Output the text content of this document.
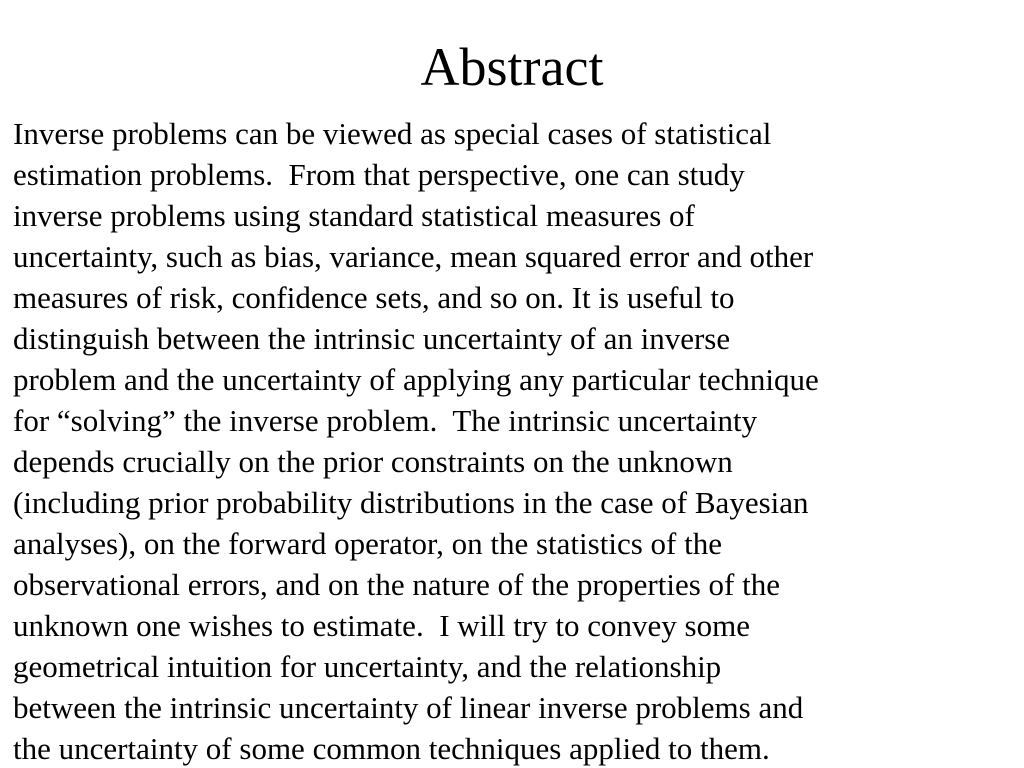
Abstract
Inverse problems can be viewed as special cases of statistical
estimation problems.  From that perspective, one can study
inverse problems using standard statistical measures of
uncertainty, such as bias, variance, mean squared error and other
measures of risk, confidence sets, and so on. It is useful to
distinguish between the intrinsic uncertainty of an inverse
problem and the uncertainty of applying any particular technique
for “solving” the inverse problem.  The intrinsic uncertainty
depends crucially on the prior constraints on the unknown
(including prior probability distributions in the case of Bayesian
analyses), on the forward operator, on the statistics of the
observational errors, and on the nature of the properties of the
unknown one wishes to estimate.  I will try to convey some
geometrical intuition for uncertainty, and the relationship
between the intrinsic uncertainty of linear inverse problems and
the uncertainty of some common techniques applied to them.
